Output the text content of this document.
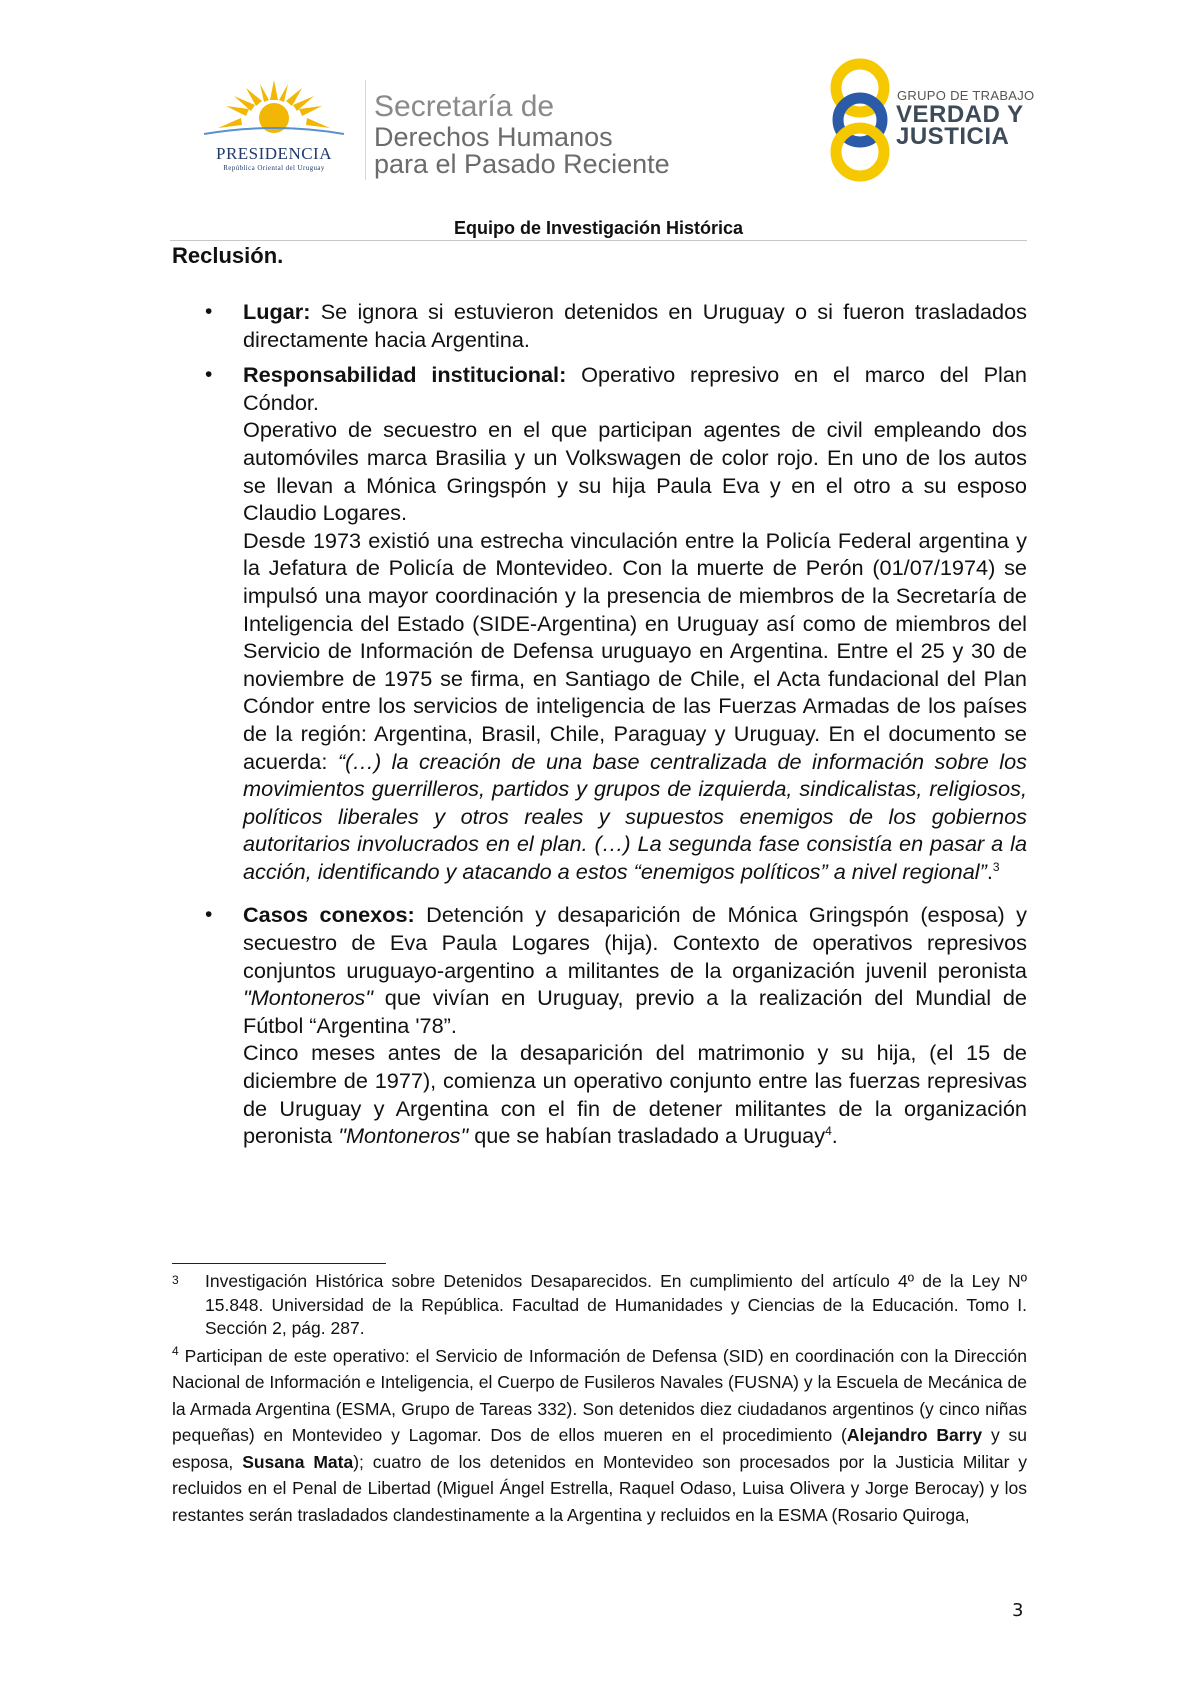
PRESIDENCIA
República Oriental del Uruguay
Secretaría de
Derechos Humanos
para el Pasado Reciente
GRUPO DE TRABAJO
VERDAD Y
JUSTICIA
Equipo de Investigación Histórica
Reclusión.
•	Lugar: Se ignora si estuvieron detenidos en Uruguay o si fueron trasladados directamente hacia Argentina.

•	Responsabilidad institucional: Operativo represivo en el marco del Plan Cóndor.

Operativo de secuestro en el que participan agentes de civil empleando dos automóviles marca Brasilia y un Volkswagen de color rojo. En uno de los autos se llevan a Mónica Gringspón y su hija Paula Eva y en el otro a su esposo Claudio Logares.

Desde 1973 existió una estrecha vinculación entre la Policía Federal argentina y la Jefatura de Policía de Montevideo. Con la muerte de Perón (01/07/1974) se impulsó una mayor coordinación y la presencia de miembros de la Secretaría de Inteligencia del Estado (SIDE-Argentina) en Uruguay así como de miembros del Servicio de Información de Defensa uruguayo en Argentina. Entre el 25 y 30 de noviembre de 1975 se firma, en Santiago de Chile, el Acta fundacional del Plan Cóndor entre los servicios de inteligencia de las Fuerzas Armadas de los países de la región: Argentina, Brasil, Chile, Paraguay y Uruguay. En el documento se acuerda: “(…) la creación de una base centralizada de información sobre los movimientos guerrilleros, partidos y grupos de izquierda, sindicalistas, religiosos, políticos liberales y otros reales y supuestos enemigos de los gobiernos autoritarios involucrados en el plan. (…) La segunda fase consistía en pasar a la acción, identificando y atacando a estos “enemigos políticos” a nivel regional”.$^3$

•	Casos conexos: Detención y desaparición de Mónica Gringspón (esposa) y secuestro de Eva Paula Logares (hija). Contexto de operativos represivos conjuntos uruguayo-argentino a militantes de la organización juvenil peronista "Montoneros" que vivían en Uruguay, previo a la realización del Mundial de Fútbol “Argentina '78”.

Cinco meses antes de la desaparición del matrimonio y su hija, (el 15 de diciembre de 1977), comienza un operativo conjunto entre las fuerzas represivas de Uruguay y Argentina con el fin de detener militantes de la organización peronista "Montoneros" que se habían trasladado a Uruguay$^4$.

3	Investigación Histórica sobre Detenidos Desaparecidos. En cumplimiento del artículo 4º de la Ley Nº 15.848. Universidad de la República. Facultad de Humanidades y Ciencias de la Educación. Tomo I. Sección 2, pág. 287.
$^4$ Participan de este operativo: el Servicio de Información de Defensa (SID) en coordinación con la Dirección Nacional de Información e Inteligencia, el Cuerpo de Fusileros Navales (FUSNA) y la Escuela de Mecánica de la Armada Argentina (ESMA, Grupo de Tareas 332). Son detenidos diez ciudadanos argentinos (y cinco niñas pequeñas) en Montevideo y Lagomar. Dos de ellos mueren en el procedimiento (Alejandro Barry y su esposa, Susana Mata); cuatro de los detenidos en Montevideo son procesados por la Justicia Militar y recluidos en el Penal de Libertad (Miguel Ángel Estrella, Raquel Odaso, Luisa Olivera y Jorge Berocay) y los restantes serán trasladados clandestinamente a la Argentina y recluidos en la ESMA (Rosario Quiroga,
3
